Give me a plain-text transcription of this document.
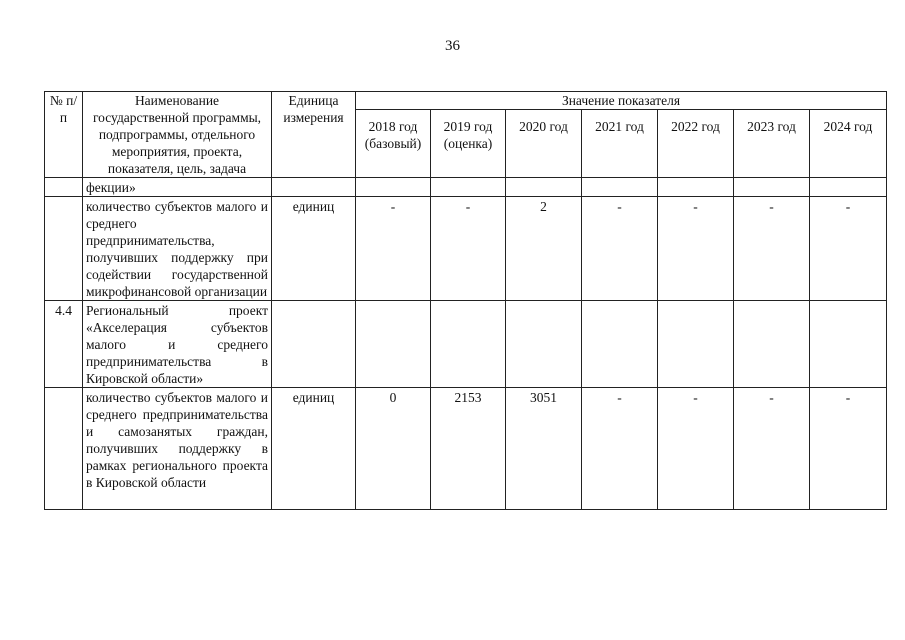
36
№ п/п	Наименование государственной программы, подпрограммы, отдельного мероприятия, проекта, показателя, цель, задача	Единица измерения	Значение показателя						
			2018 год (базовый)	2019 год (оценка)	2020 год	2021 год	2022 год	2023 год	2024 год
	фекции»								
	количество субъектов малого и среднего предпринимательства, получивших поддержку при содействии государственной микрофинансовой организации	единиц	-	-	2	-	-	-	-
4.4	Региональный проект «Акселерация субъектов малого и среднего предпринимательства в Кировской области»								
	количество субъектов малого и среднего предпринимательства и самозанятых граждан, получивших поддержку в рамках регионального проекта в Кировской области	единиц	0	2153	3051	-	-	-	-
